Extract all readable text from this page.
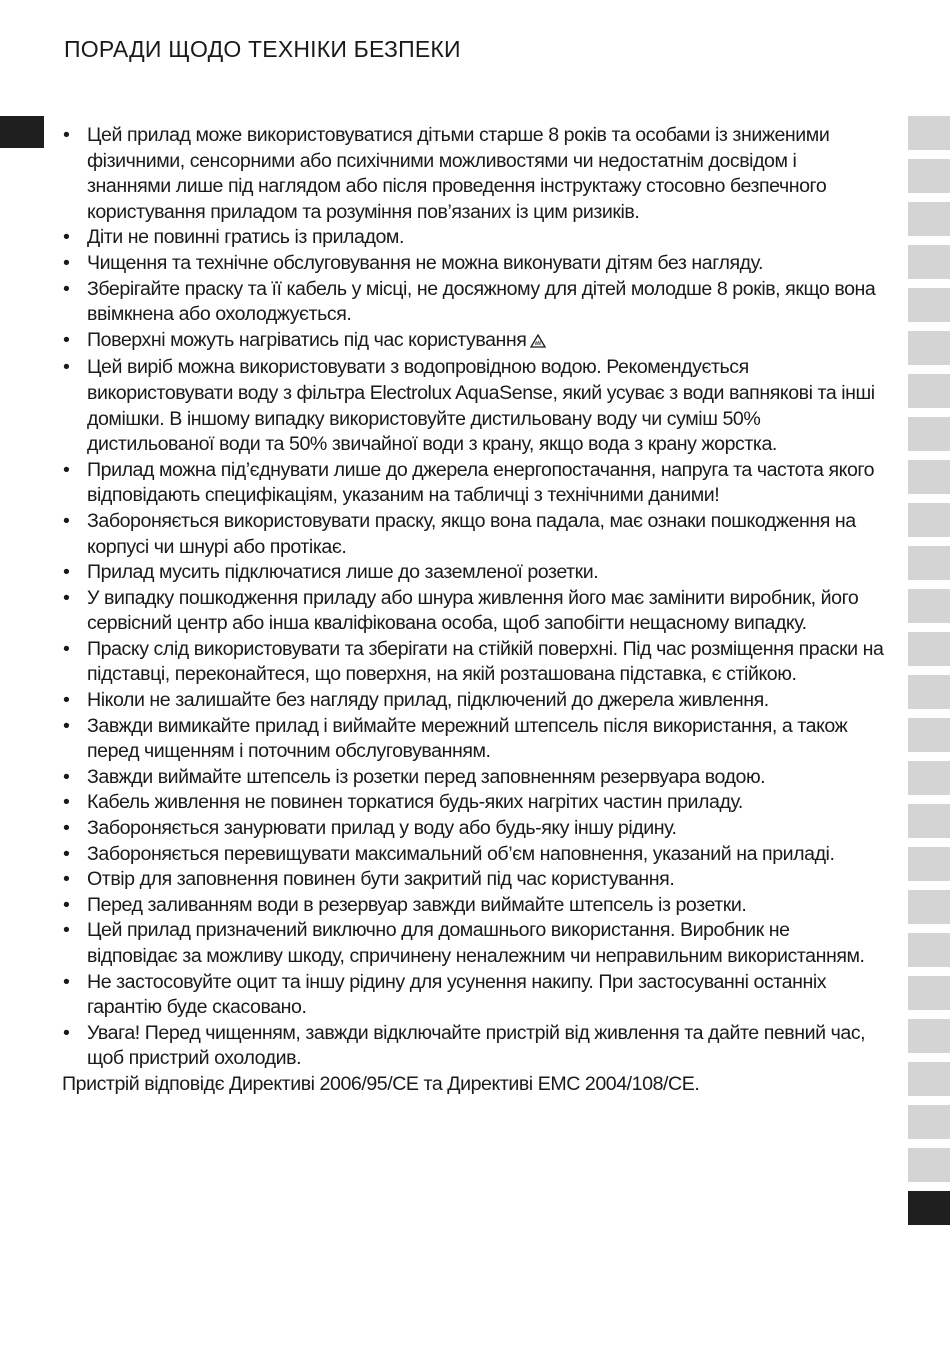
ПОРАДИ ЩОДО ТЕХНІКИ БЕЗПЕКИ
• Цей прилад може використовуватися дітьми старше 8 років та особами із зниженими фізичними, сенсорними або психічними можливостями чи недостатнім досвідом і знаннями лише під наглядом або після проведення інструктажу стосовно безпечного користування приладом та розуміння пов’язаних із цим ризиків.
• Діти не повинні гратись із приладом.
• Чищення та технічне обслуговування не можна виконувати дітям без нагляду.
• Зберігайте праску та її кабель у місці, не досяжному для дітей молодше 8 років, якщо вона ввімкнена або охолоджується.
• Поверхні можуть нагріватись під час користування
• Цей виріб можна використовувати з водопровідною водою. Рекомендується використовувати воду з фільтра Electrolux AquaSense, який усуває з води вапнякові та інші домішки. В іншому випадку використовуйте дистильовану воду чи суміш 50% дистильованої води та 50% звичайної води з крану, якщо вода з крану жорстка.
• Прилад можна під’єднувати лише до джерела енергопостачання, напруга та частота якого відповідають специфікаціям, указаним на табличці з технічними даними!
• Забороняється використовувати праску, якщо вона падала, має ознаки пошкодження на корпусі чи шнурі або протікає.
• Прилад мусить підключатися лише до заземленої розетки.
• У випадку пошкодження приладу або шнура живлення його має замінити виробник, його сервісний центр або інша кваліфікована особа, щоб запобігти нещасному випадку.
• Праску слід використовувати та зберігати на стійкій поверхні. Під час розміщення праски на підставці, переконайтеся, що поверхня, на якій розташована підставка, є стійкою.
• Ніколи не залишайте без нагляду прилад, підключений до джерела живлення.
• Завжди вимикайте прилад і виймайте мережний штепсель після використання, а також перед чищенням і поточним обслуговуванням.
• Завжди виймайте штепсель із розетки перед заповненням резервуара водою.
• Кабель живлення не повинен торкатися будь-яких нагрітих частин приладу.
• Забороняється занурювати прилад у воду або будь-яку іншу рідину.
• Забороняється перевищувати максимальний об’єм наповнення, указаний на приладі.
• Отвір для заповнення повинен бути закритий під час користування.
• Перед заливанням води в резервуар завжди виймайте штепсель із розетки.
• Цей прилад призначений виключно для домашнього використання. Виробник не відповідає за можливу шкоду, спричинену неналежним чи неправильним використанням.
• Не застосовуйте оцит та іншу рідину для усунення накипу. При застосуванні останніх гарантію буде скасовано.
• Увага! Перед чищенням, завжди відключайте пристрій від живлення та дайте певний час, щоб пристрий охолодив.

Пристрій відповідє Директиві 2006/95/CE та Директиві EMC 2004/108/CE.
